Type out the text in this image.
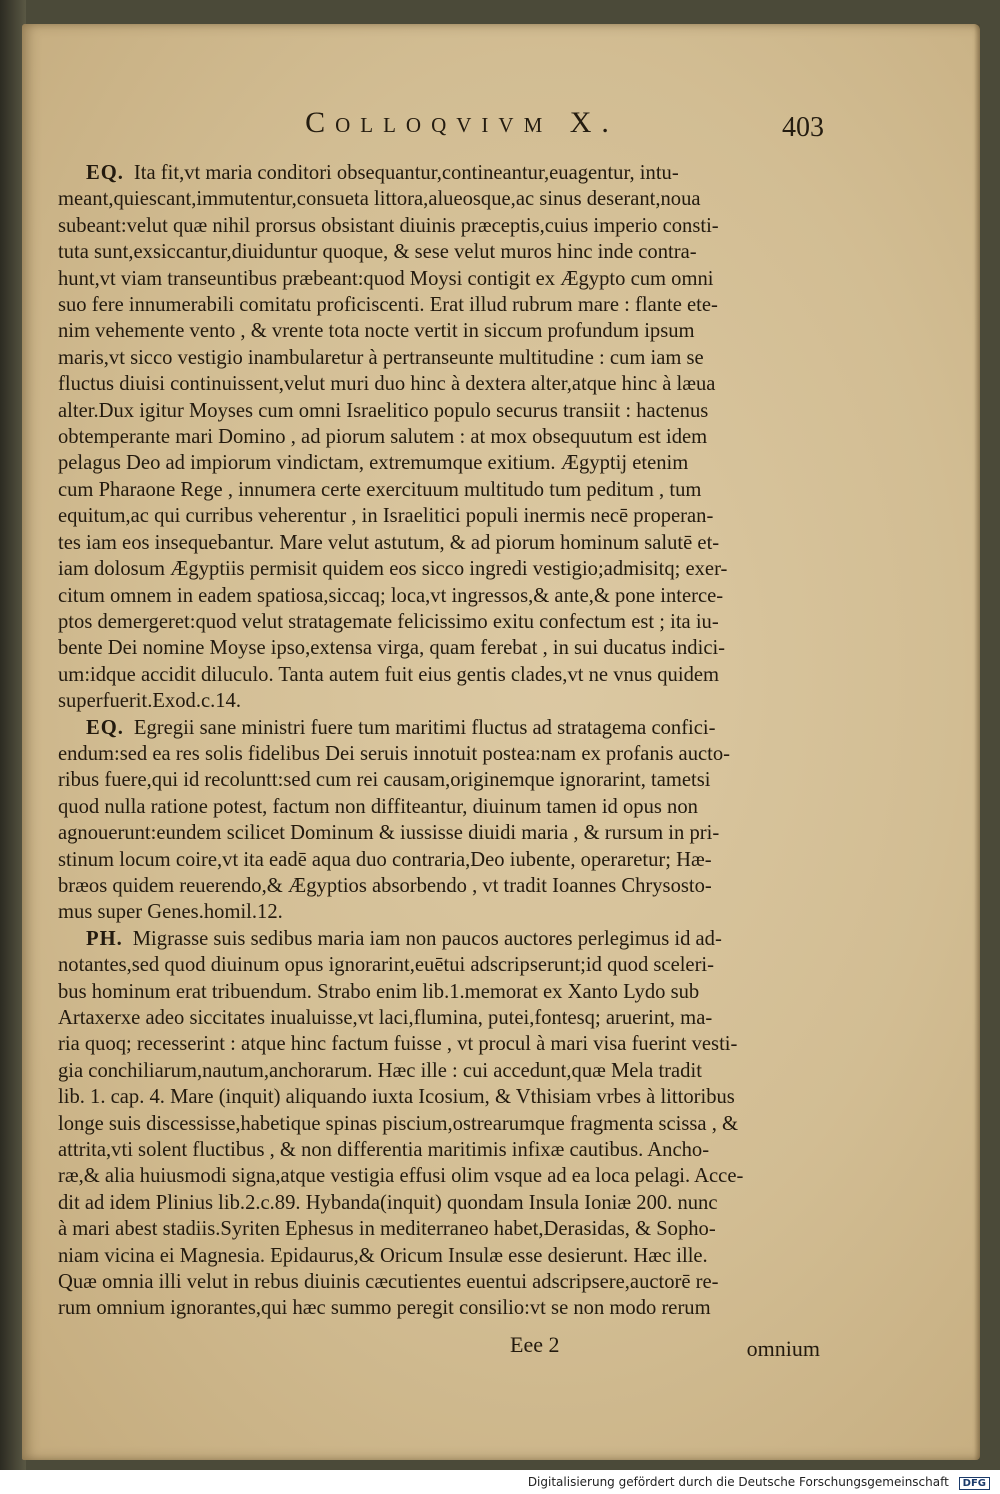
Colloqvivm X.	403
EQ. Ita fit,vt maria conditori obsequantur,contineantur,euagentur, intu-
meant,quiescant,immutentur,consueta littora,alueosque,ac sinus deserant,noua
subeant:velut quæ nihil prorsus obsistant diuinis præceptis,cuius imperio consti-
tuta sunt,exsiccantur,diuiduntur quoque, & sese velut muros hinc inde contra-
hunt,vt viam transeuntibus præbeant:quod Moysi contigit ex Ægypto cum omni
suo fere innumerabili comitatu proficiscenti. Erat illud rubrum mare : flante ete-
nim vehemente vento , & vrente tota nocte vertit in siccum profundum ipsum
maris,vt sicco vestigio inambularetur à pertranseunte multitudine : cum iam se
fluctus diuisi continuissent,velut muri duo hinc à dextera alter,atque hinc à læua
alter.Dux igitur Moyses cum omni Israelitico populo securus transiit : hactenus
obtemperante mari Domino , ad piorum salutem : at mox obsequutum est idem
pelagus Deo ad impiorum vindictam, extremumque exitium. Ægyptij etenim
cum Pharaone Rege , innumera certe exercituum multitudo tum peditum , tum
equitum,ac qui curribus veherentur , in Israelitici populi inermis necē properan-
tes iam eos insequebantur. Mare velut astutum, & ad piorum hominum salutē et-
iam dolosum Ægyptiis permisit quidem eos sicco ingredi vestigio;admisitq; exer-
citum omnem in eadem spatiosa,siccaq; loca,vt ingressos,& ante,& pone interce-
ptos demergeret:quod velut stratagemate felicissimo exitu confectum est ; ita iu-
bente Dei nomine Moyse ipso,extensa virga, quam ferebat , in sui ducatus indici-
um:idque accidit diluculo. Tanta autem fuit eius gentis clades,vt ne vnus quidem
superfuerit.Exod.c.14.
EQ. Egregii sane ministri fuere tum maritimi fluctus ad stratagema confici-
endum:sed ea res solis fidelibus Dei seruis innotuit postea:nam ex profanis aucto-
ribus fuere,qui id recoluntt:sed cum rei causam,originemque ignorarint, tametsi
quod nulla ratione potest, factum non diffiteantur, diuinum tamen id opus non
agnouerunt:eundem scilicet Dominum & iussisse diuidi maria , & rursum in pri-
stinum locum coire,vt ita eadē aqua duo contraria,Deo iubente, operaretur; Hæ-
bræos quidem reuerendo,& Ægyptios absorbendo , vt tradit Ioannes Chrysosto-
mus super Genes.homil.12.
PH. Migrasse suis sedibus maria iam non paucos auctores perlegimus id ad-
notantes,sed quod diuinum opus ignorarint,euētui adscripserunt;id quod sceleri-
bus hominum erat tribuendum. Strabo enim lib.1.memorat ex Xanto Lydo sub
Artaxerxe adeo siccitates inualuisse,vt laci,flumina, putei,fontesq; aruerint, ma-
ria quoq; recesserint : atque hinc factum fuisse , vt procul à mari visa fuerint vesti-
gia conchiliarum,nautum,anchorarum. Hæc ille : cui accedunt,quæ Mela tradit
lib. 1. cap. 4. Mare (inquit) aliquando iuxta Icosium, & Vthisiam vrbes à littoribus
longe suis discessisse,habetique spinas piscium,ostrearumque fragmenta scissa , &
attrita,vti solent fluctibus , & non differentia maritimis infixæ cautibus. Ancho-
ræ,& alia huiusmodi signa,atque vestigia effusi olim vsque ad ea loca pelagi. Acce-
dit ad idem Plinius lib.2.c.89. Hybanda(inquit) quondam Insula Ioniæ 200. nunc
à mari abest stadiis.Syriten Ephesus in mediterraneo habet,Derasidas, & Sopho-
niam vicina ei Magnesia. Epidaurus,& Oricum Insulæ esse desierunt. Hæc ille.
Quæ omnia illi velut in rebus diuinis cæcutientes euentui adscripsere,auctorē re-
rum omnium ignorantes,qui hæc summo peregit consilio:vt se non modo rerum
Eee 2	omnium
Digitalisierung gefördert durch die Deutsche Forschungsgemeinschaft DFG
